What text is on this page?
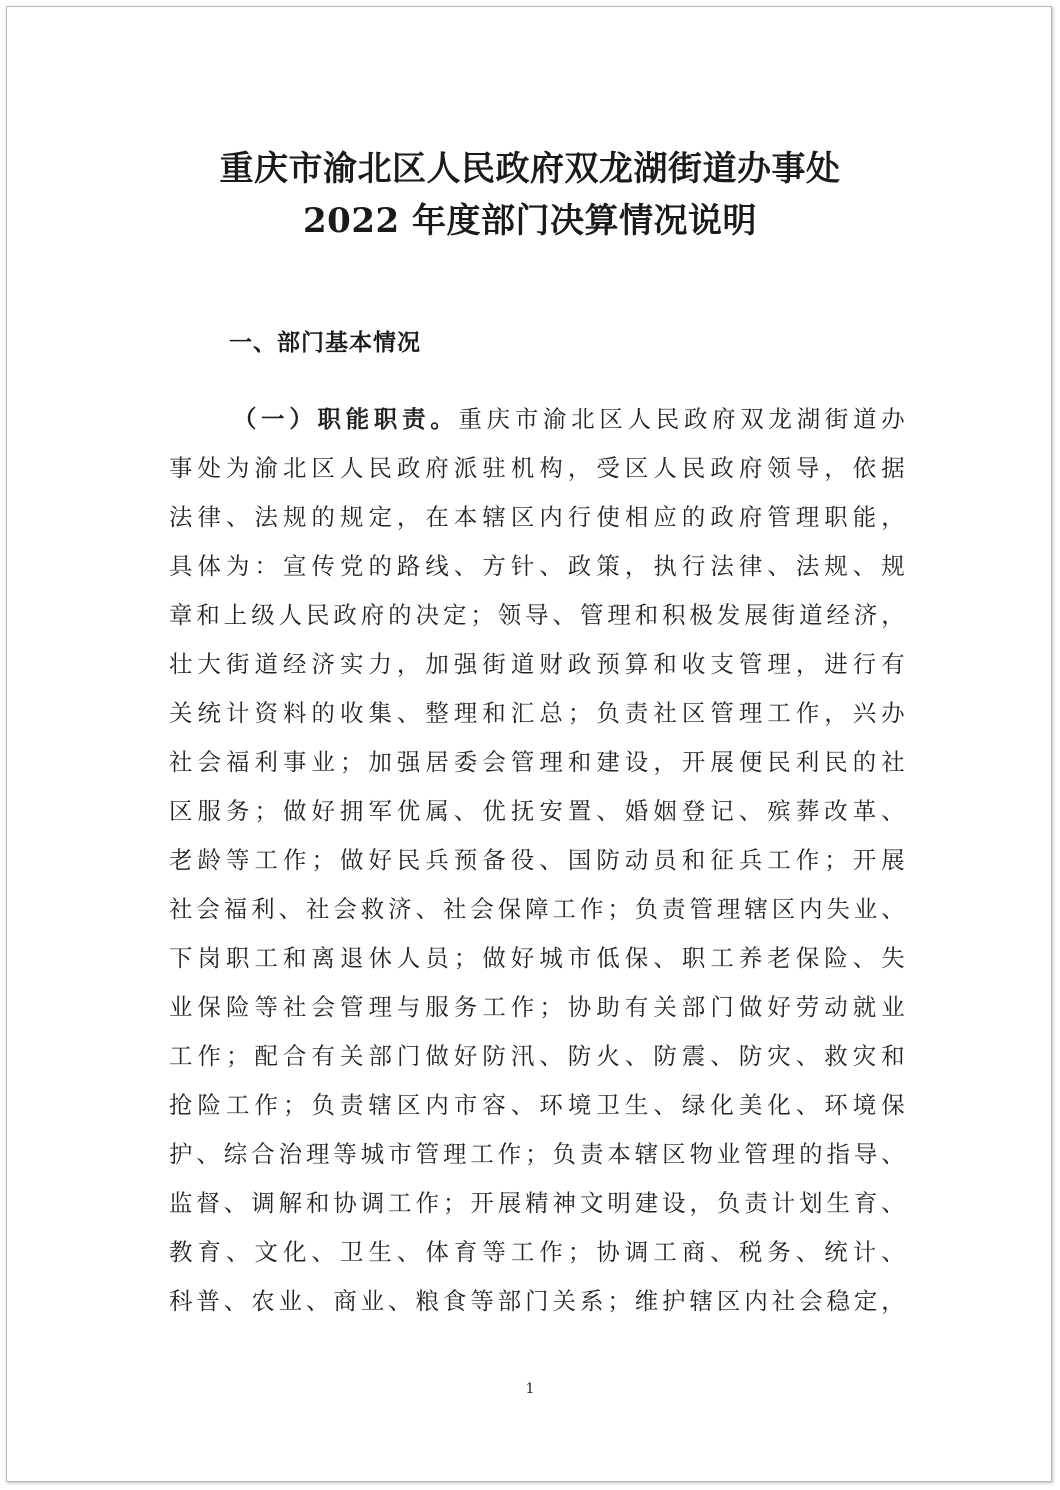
重庆市渝北区人民政府双龙湖街道办事处
2022 年度部门决算情况说明
一、部门基本情况
（一）职能职责。重庆市渝北区人民政府双龙湖街道办
事处为渝北区人民政府派驻机构，受区人民政府领导，依据
法律、法规的规定，在本辖区内行使相应的政府管理职能，
具体为：宣传党的路线、方针、政策，执行法律、法规、规
章和上级人民政府的决定；领导、管理和积极发展街道经济，
壮大街道经济实力，加强街道财政预算和收支管理，进行有
关统计资料的收集、整理和汇总；负责社区管理工作，兴办
社会福利事业；加强居委会管理和建设，开展便民利民的社
区服务；做好拥军优属、优抚安置、婚姻登记、殡葬改革、
老龄等工作；做好民兵预备役、国防动员和征兵工作；开展
社会福利、社会救济、社会保障工作；负责管理辖区内失业、
下岗职工和离退休人员；做好城市低保、职工养老保险、失
业保险等社会管理与服务工作；协助有关部门做好劳动就业
工作；配合有关部门做好防汛、防火、防震、防灾、救灾和
抢险工作；负责辖区内市容、环境卫生、绿化美化、环境保
护、综合治理等城市管理工作；负责本辖区物业管理的指导、
监督、调解和协调工作；开展精神文明建设，负责计划生育、
教育、文化、卫生、体育等工作；协调工商、税务、统计、
科普、农业、商业、粮食等部门关系；维护辖区内社会稳定，
1
